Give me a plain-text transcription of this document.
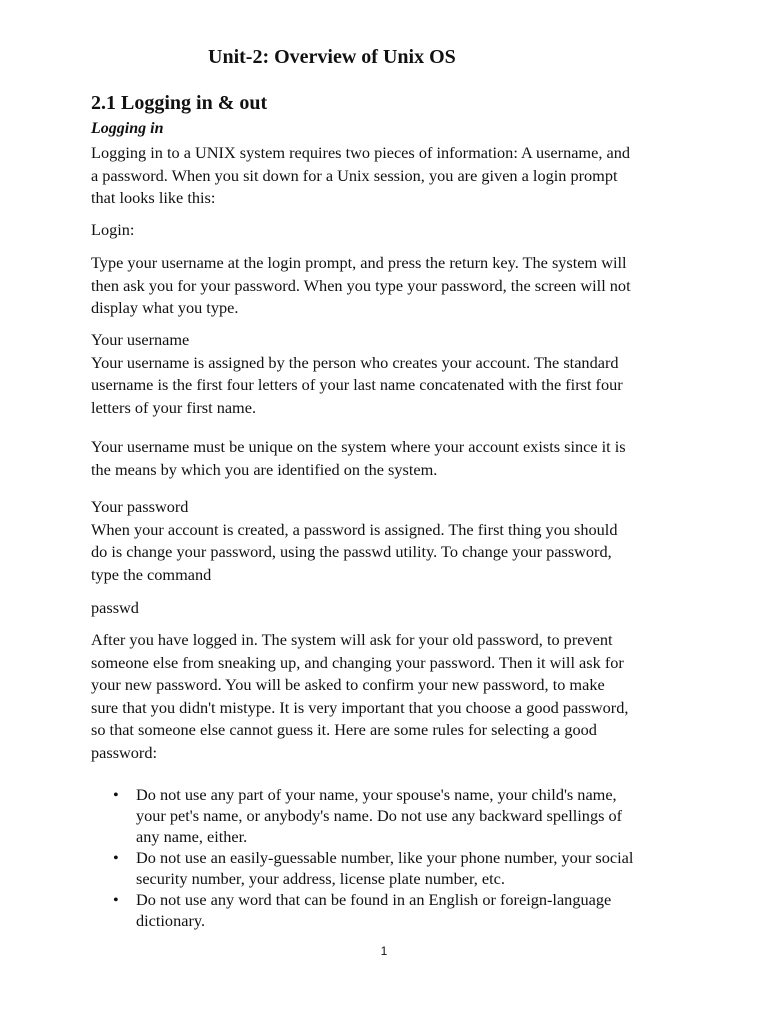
Unit-2: Overview of Unix OS
2.1 Logging in & out
Logging in
Logging in to a UNIX system requires two pieces of information: A username, and
a password. When you sit down for a Unix session, you are given a login prompt
that looks like this:
Login:
Type your username at the login prompt, and press the return key. The system will
then ask you for your password. When you type your password, the screen will not
display what you type.
Your username
Your username is assigned by the person who creates your account. The standard
username is the first four letters of your last name concatenated with the first four
letters of your first name.
Your username must be unique on the system where your account exists since it is
the means by which you are identified on the system.
Your password
When your account is created, a password is assigned. The first thing you should
do is change your password, using the passwd utility. To change your password,
type the command
passwd
After you have logged in. The system will ask for your old password, to prevent
someone else from sneaking up, and changing your password. Then it will ask for
your new password. You will be asked to confirm your new password, to make
sure that you didn't mistype. It is very important that you choose a good password,
so that someone else cannot guess it. Here are some rules for selecting a good
password:
• Do not use any part of your name, your spouse's name, your child's name,
your pet's name, or anybody's name. Do not use any backward spellings of
any name, either.
• Do not use an easily-guessable number, like your phone number, your social
security number, your address, license plate number, etc.
• Do not use any word that can be found in an English or foreign-language
dictionary.
1
